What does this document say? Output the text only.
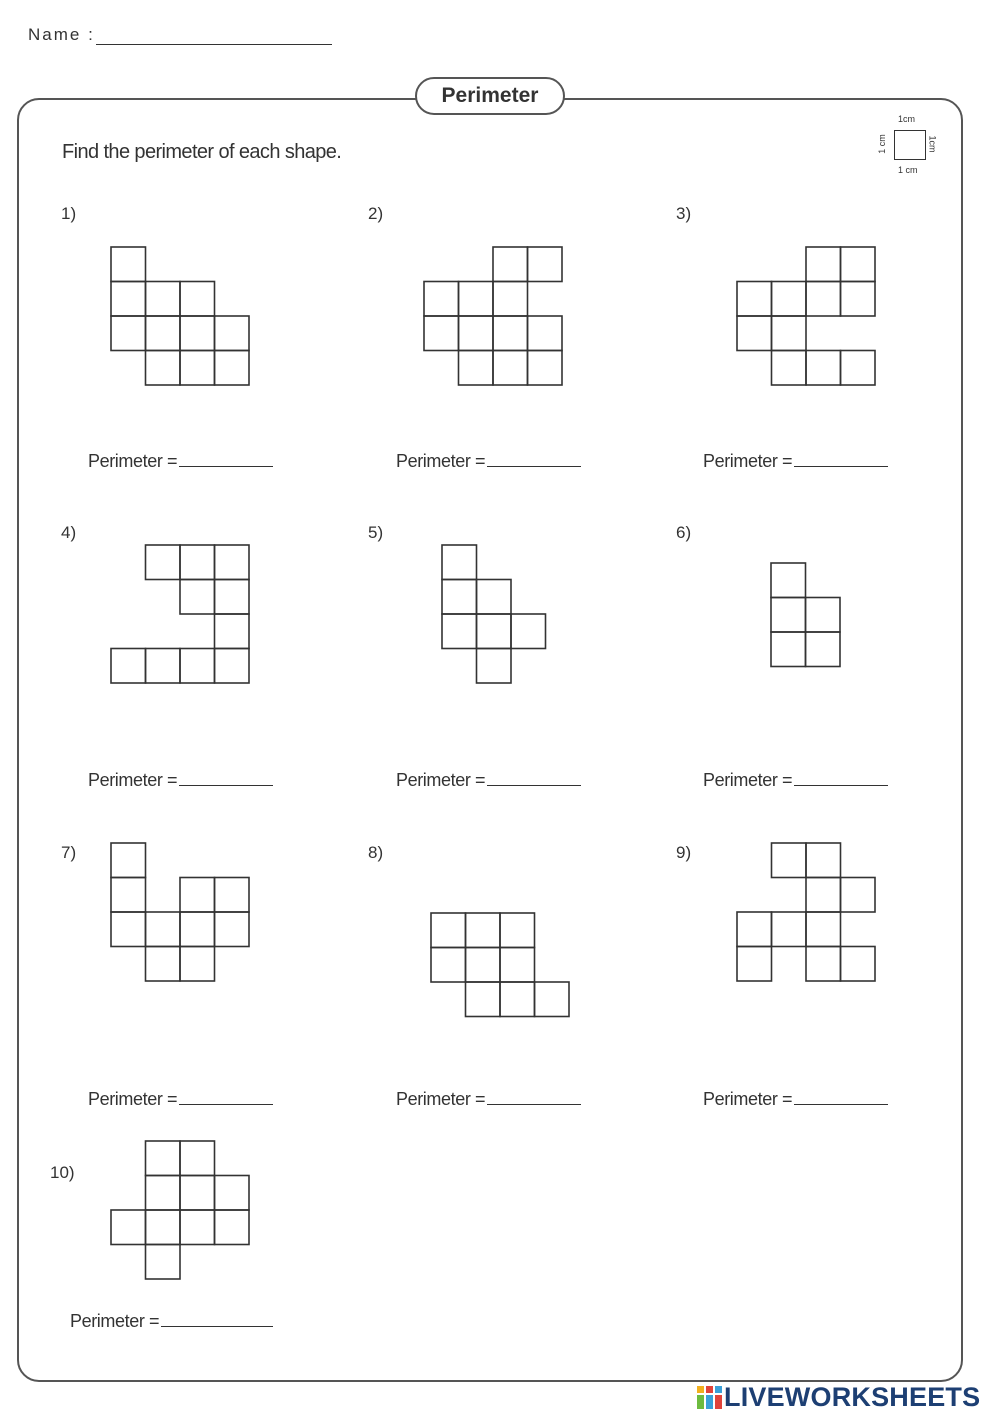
Name :
Perimeter
Find the perimeter of each shape.
1cm
1 cm
1 cm	1cm
1)
Perimeter =
2)
Perimeter =
3)
Perimeter =
4)
Perimeter =
5)
Perimeter =
6)
Perimeter =
7)
Perimeter =
8)
Perimeter =
9)
Perimeter =
10)
Perimeter =
LIVEWORKSHEETS
